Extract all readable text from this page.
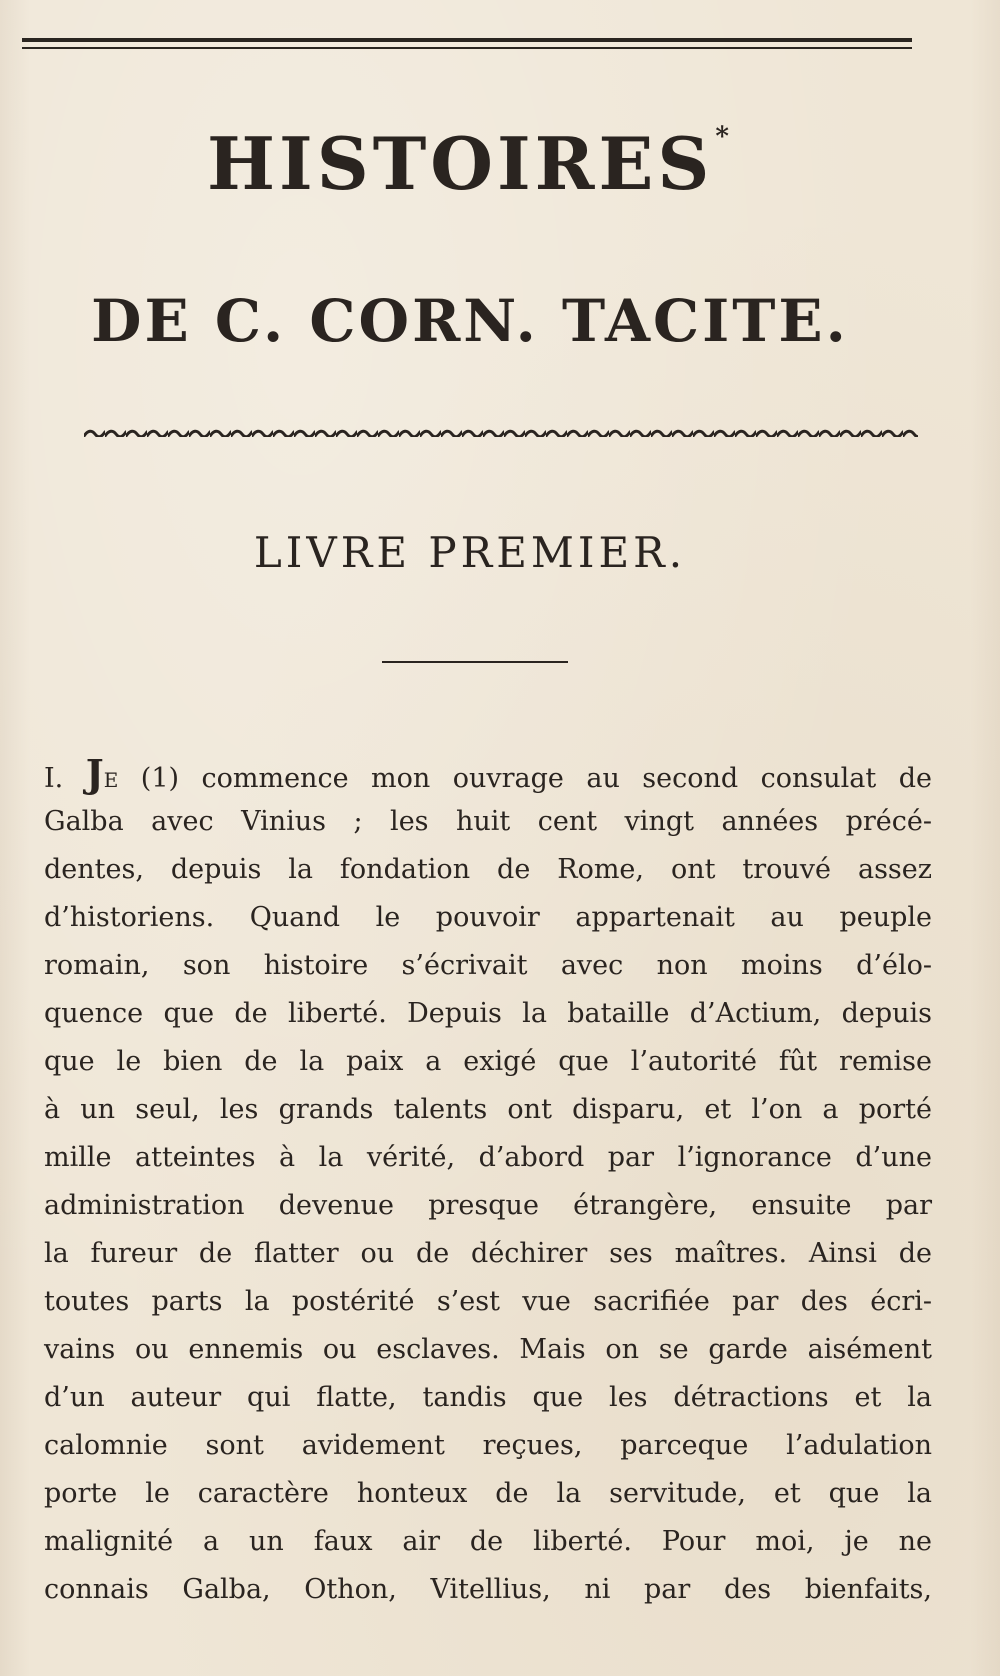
HISTOIRES*
DE C. CORN. TACITE.
LIVRE PREMIER.
I. JE (1) commence mon ouvrage au second consulat de
Galba avec Vinius ; les huit cent vingt années précé-
dentes, depuis la fondation de Rome, ont trouvé assez
d’historiens. Quand le pouvoir appartenait au peuple
romain, son histoire s’écrivait avec non moins d’élo-
quence que de liberté. Depuis la bataille d’Actium, depuis
que le bien de la paix a exigé que l’autorité fût remise
à un seul, les grands talents ont disparu, et l’on a porté
mille atteintes à la vérité, d’abord par l’ignorance d’une
administration devenue presque étrangère, ensuite par
la fureur de flatter ou de déchirer ses maîtres. Ainsi de
toutes parts la postérité s’est vue sacrifiée par des écri-
vains ou ennemis ou esclaves. Mais on se garde aisément
d’un auteur qui flatte, tandis que les détractions et la
calomnie sont avidement reçues, parceque l’adulation
porte le caractère honteux de la servitude, et que la
malignité a un faux air de liberté. Pour moi, je ne
connais Galba, Othon, Vitellius, ni par des bienfaits,
